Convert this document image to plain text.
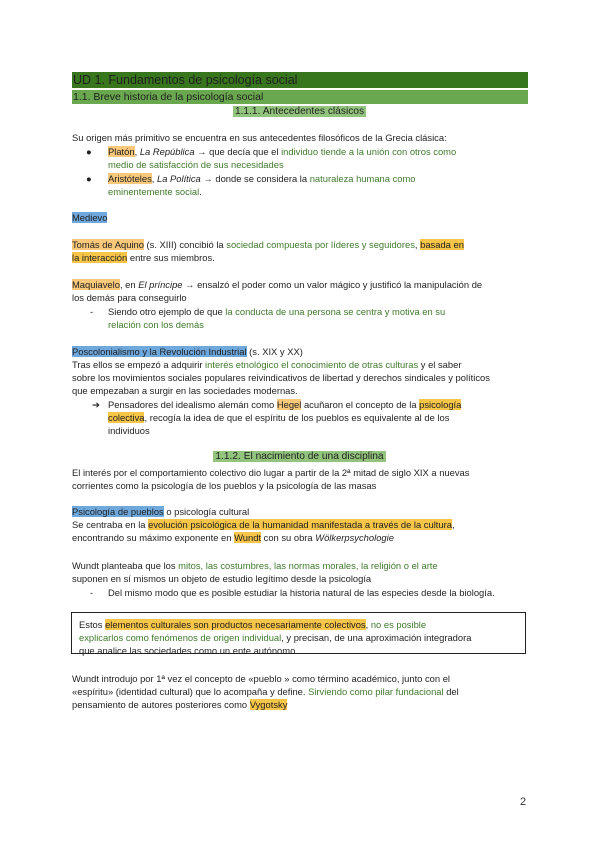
UD 1. Fundamentos de psicología social
1.1. Breve historia de la psicología social
1.1.1. Antecedentes clásicos
Su origen más primitivo se encuentra en sus antecedentes filosóficos de la Grecia clásica:
● Platón, La República → que decía que el individuo tiende a la unión con otros como
medio de satisfacción de sus necesidades
● Aristóteles, La Política → donde se considera la naturaleza humana como
eminentemente social.
Medievo
Tomás de Aquino (s. XIII) concibió la sociedad compuesta por líderes y seguidores, basada en
la interacción entre sus miembros.
Maquiavelo, en El príncipe → ensalzó el poder como un valor mágico y justificó la manipulación de
los demás para conseguirlo
- Siendo otro ejemplo de que la conducta de una persona se centra y motiva en su
relación con los demás
Poscolonialismo y la Revolución Industrial (s. XIX y XX)
Tras ellos se empezó a adquirir interés etnológico el conocimiento de otras culturas y el saber
sobre los movimientos sociales populares reivindicativos de libertad y derechos sindicales y políticos
que empezaban a surgir en las sociedades modernas.
➔ Pensadores del idealismo alemán como Hegel acuñaron el concepto de la psicología
colectiva, recogía la idea de que el espíritu de los pueblos es equivalente al de los
individuos
1.1.2. El nacimiento de una disciplina
El interés por el comportamiento colectivo dio lugar a partir de la 2ª mitad de siglo XIX a nuevas
corrientes como la psicología de los pueblos y la psicología de las masas
Psicología de pueblos o psicología cultural
Se centraba en la evolución psicológica de la humanidad manifestada a través de la cultura,
encontrando su máximo exponente en Wundt con su obra Wölkerpsychologie
Wundt planteaba que los mitos, las costumbres, las normas morales, la religión o el arte
suponen en sí mismos un objeto de estudio legítimo desde la psicología
- Del mismo modo que es posible estudiar la historia natural de las especies desde la biología.
Estos elementos culturales son productos necesariamente colectivos, no es posible
explicarlos como fenómenos de origen individual, y precisan, de una aproximación integradora
que analice las sociedades como un ente autónomo
Wundt introdujo por 1ª vez el concepto de «pueblo » como término académico, junto con el
«espíritu» (identidad cultural) que lo acompaña y define. Sirviendo como pilar fundacional del
pensamiento de autores posteriores como Vygotsky
2
